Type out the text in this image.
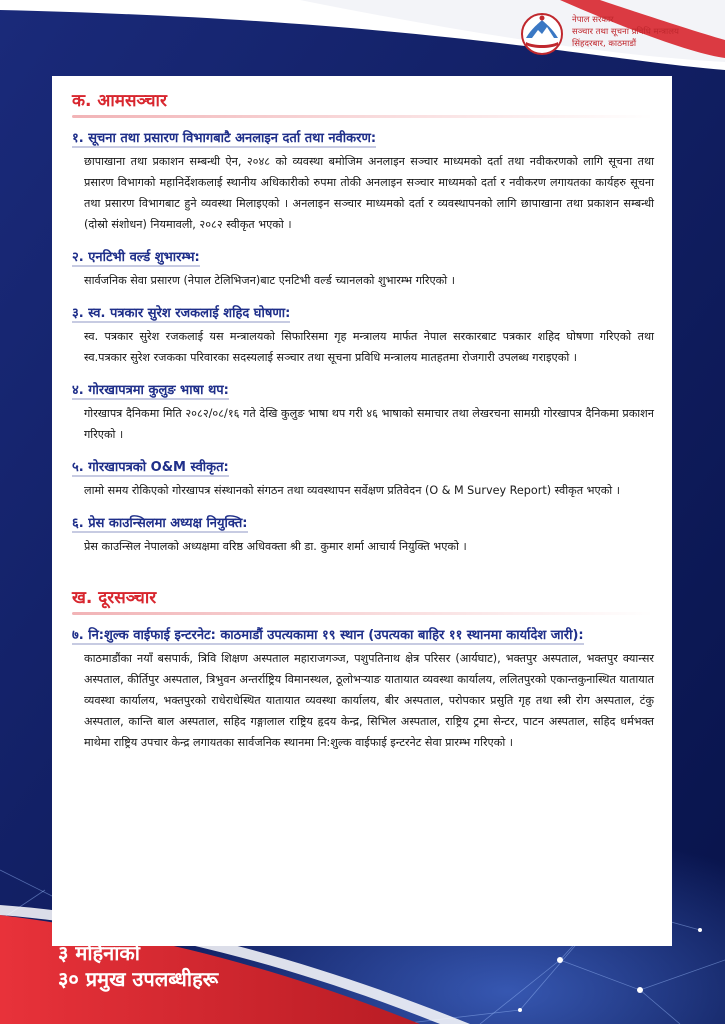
नेपाल सरकार
सञ्चार तथा सूचना प्रविधि मन्त्रालय
सिंहदरबार, काठमाडौं
क. आमसञ्चार
१. सूचना तथा प्रसारण विभागबाटै अनलाइन दर्ता तथा नवीकरण:
छापाखाना तथा प्रकाशन सम्बन्धी ऐन, २०४८ को व्यवस्था बमोजिम अनलाइन सञ्चार माध्यमको दर्ता तथा नवीकरणको लागि सूचना तथा प्रसारण विभागको महानिर्देशकलाई स्थानीय अधिकारीको रुपमा तोकी अनलाइन सञ्चार माध्यमको दर्ता र नवीकरण लगायतका कार्यहरु सूचना तथा प्रसारण विभागबाट हुने व्यवस्था मिलाइएको । अनलाइन सञ्चार माध्यमको दर्ता र व्यवस्थापनको लागि छापाखाना तथा प्रकाशन सम्बन्धी (दोस्रो संशोधन) नियमावली, २०८२ स्वीकृत भएको ।
२. एनटिभी वर्ल्ड शुभारम्भ:
सार्वजनिक सेवा प्रसारण (नेपाल टेलिभिजन)बाट एनटिभी वर्ल्ड च्यानलको शुभारम्भ गरिएको ।
३. स्व. पत्रकार सुरेश रजकलाई शहिद घोषणा:
स्व. पत्रकार सुरेश रजकलाई यस मन्त्रालयको सिफारिसमा गृह मन्त्रालय मार्फत नेपाल सरकारबाट पत्रकार शहिद घोषणा गरिएको तथा स्व.पत्रकार सुरेश रजकका परिवारका सदस्यलाई सञ्चार तथा सूचना प्रविधि मन्त्रालय मातहतमा रोजगारी उपलब्ध गराइएको ।
४. गोरखापत्रमा कुलुङ भाषा थप:
गोरखापत्र दैनिकमा मिति २०८२/०८/१६ गते देखि कुलुङ भाषा थप गरी ४६ भाषाको समाचार तथा लेखरचना सामग्री गोरखापत्र दैनिकमा प्रकाशन गरिएको ।
५. गोरखापत्रको O&M स्वीकृत:
लामो समय रोकिएको गोरखापत्र संस्थानको संगठन तथा व्यवस्थापन सर्वेक्षण प्रतिवेदन (O & M Survey Report) स्वीकृत भएको ।
६. प्रेस काउन्सिलमा अध्यक्ष नियुक्ति:
प्रेस काउन्सिल नेपालको अध्यक्षमा वरिष्ठ अधिवक्ता श्री डा. कुमार शर्मा आचार्य नियुक्ति भएको ।
ख. दूरसञ्चार
७. नि:शुल्क वाईफाई इन्टरनेट: काठमाडौं उपत्यकामा १९ स्थान (उपत्यका बाहिर ११ स्थानमा कार्यादेश जारी):
काठमाडौंका नयाँ बसपार्क, त्रिवि शिक्षण अस्पताल महाराजगञ्ज, पशुपतिनाथ क्षेत्र परिसर (आर्यघाट), भक्तपुर अस्पताल, भक्तपुर क्यान्सर अस्पताल, कीर्तिपुर अस्पताल, त्रिभुवन अन्तर्राष्ट्रिय विमानस्थल, ठूलोभऱ्याङ यातायात व्यवस्था कार्यालय, ललितपुरको एकान्तकुनास्थित यातायात व्यवस्था कार्यालय, भक्तपुरको राधेराधेस्थित यातायात व्यवस्था कार्यालय, बीर अस्पताल, परोपकार प्रसुति गृह तथा स्त्री रोग अस्पताल, टंकु अस्पताल, कान्ति बाल अस्पताल, सहिद गङ्गालाल राष्ट्रिय हृदय केन्द्र, सिभिल अस्पताल, राष्ट्रिय ट्रमा सेन्टर, पाटन अस्पताल, सहिद धर्मभक्त माथेमा राष्ट्रिय उपचार केन्द्र लगायतका सार्वजनिक स्थानमा नि:शुल्क वाईफाई इन्टरनेट सेवा प्रारम्भ गरिएको ।
३ महिनाको
३० प्रमुख उपलब्धीहरू
